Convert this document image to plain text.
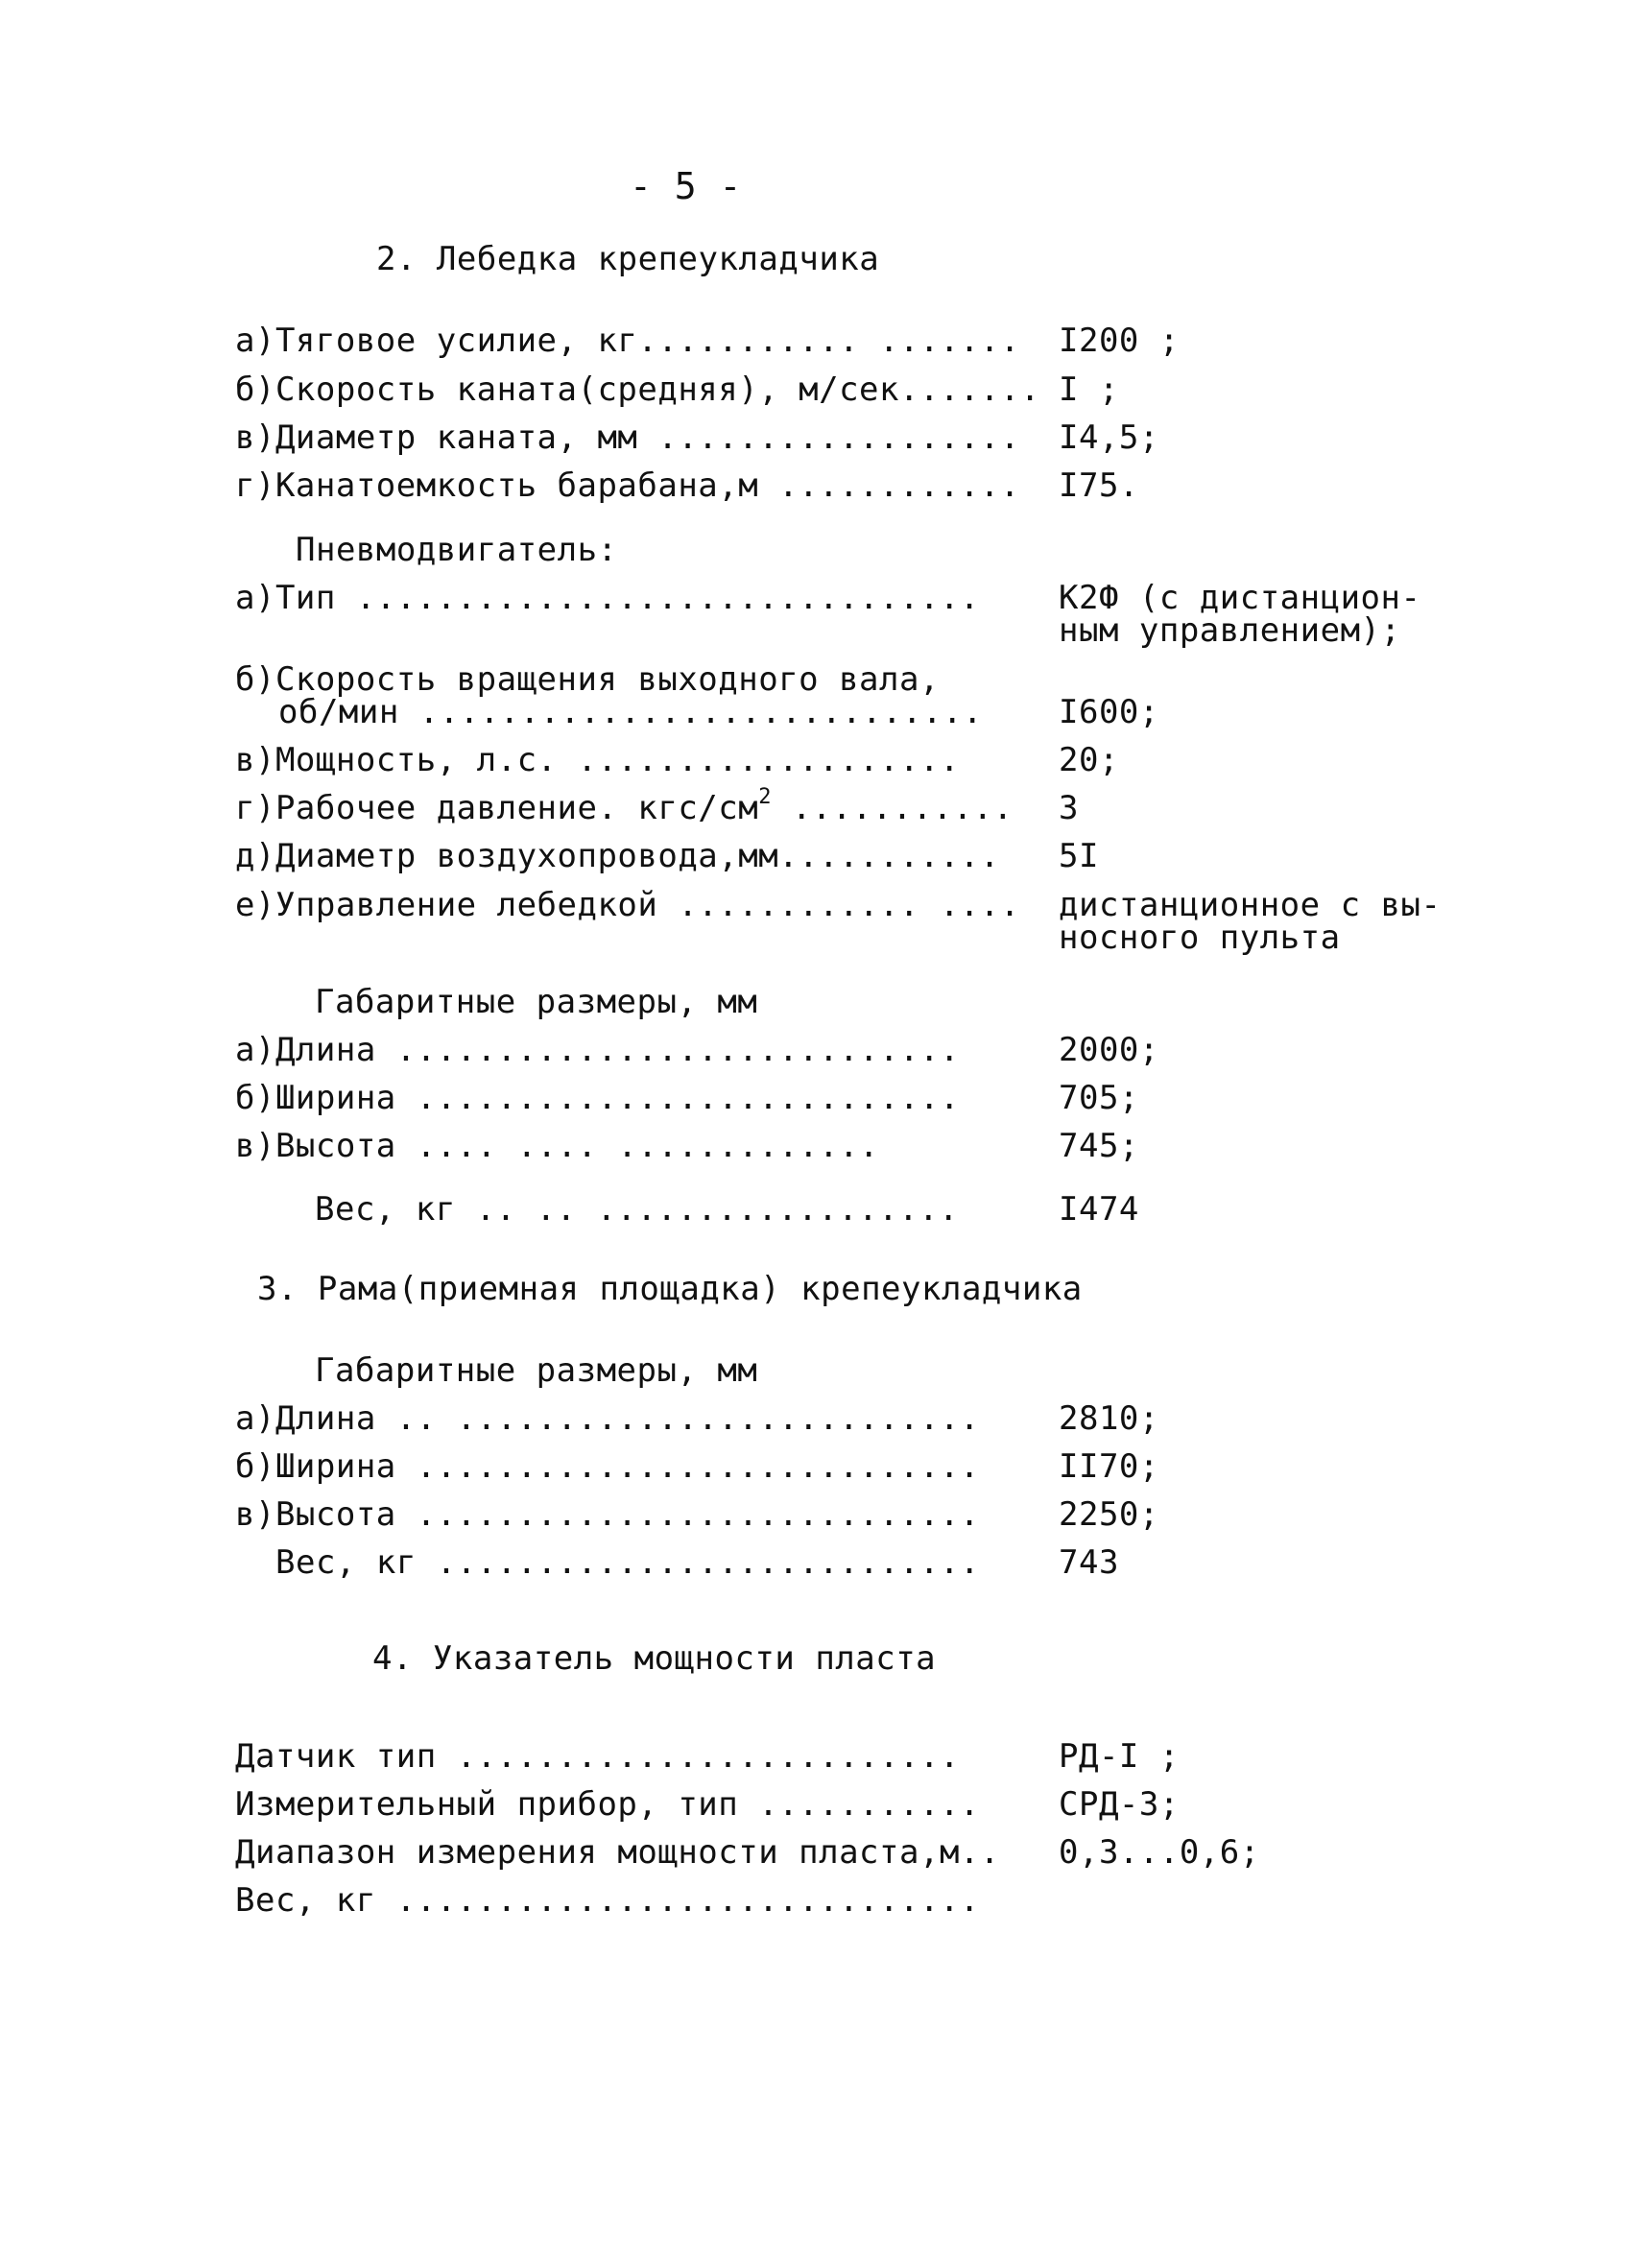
- 5 -
2. Лебедка крепеукладчика
а)Тяговое усилие, кг........... ....... I200 ;
б)Скорость каната(средняя), м/сек....... I ;
в)Диаметр каната, мм .................. I4,5;
г)Канатоемкость барабана,м ............ I75.
Пневмодвигатель:
а)Тип ............................... К2Ф (с дистанцион-
ным управлением);
б)Скорость вращения выходного вала,
об/мин ............................ I600;
в)Мощность, л.с. ...................	20;
г)Рабочее давление. кгс/$см^2$ ........... 3
д)Диаметр воздухопровода,мм........... 5I
е)Управление лебедкой ............ .... дистанционное с вы-
носного пульта
Габаритные размеры, мм
а)Длина ............................	2000;
б)Ширина ...........................	705;
в)Высота .... .... .............	745;
Вес, кг .. .. ..................	I474
3. Рама(приемная площадка) крепеукладчика
Габаритные размеры, мм
а)Длина .. .......................... 2810;
б)Ширина ............................ II70;
в)Высота ............................ 2250;
Вес, кг ........................... 743
4. Указатель мощности пласта
Датчик тип .........................	РД-I ;
Измерительный прибор, тип ........... СРД-3;
Диапазон измерения мощности пласта,м.. 0,3...0,6;
Вес, кг .............................
